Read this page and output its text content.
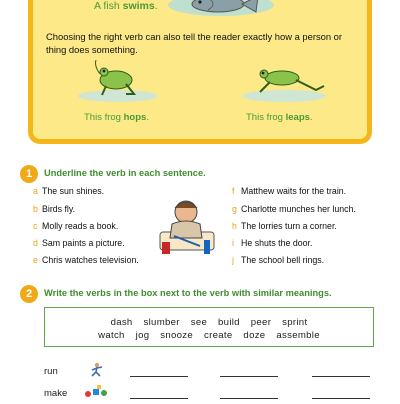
A fish swims.
Choosing the right verb can also tell the reader exactly how a person or thing does something.
This frog hops.	This frog leaps.
1	Underline the verb in each sentence.
a The sun shines.
b Birds fly.
c Molly reads a book.
d Sam paints a picture.
e Chris watches television.
f Matthew waits for the train.
g Charlotte munches her lunch.
h The lorries turn a corner.
i He shuts the door.
j The school bell rings.
2	Write the verbs in the box next to the verb with similar meanings.
dash slumber see build peer sprint
watch jog snooze create doze assemble
run
make
